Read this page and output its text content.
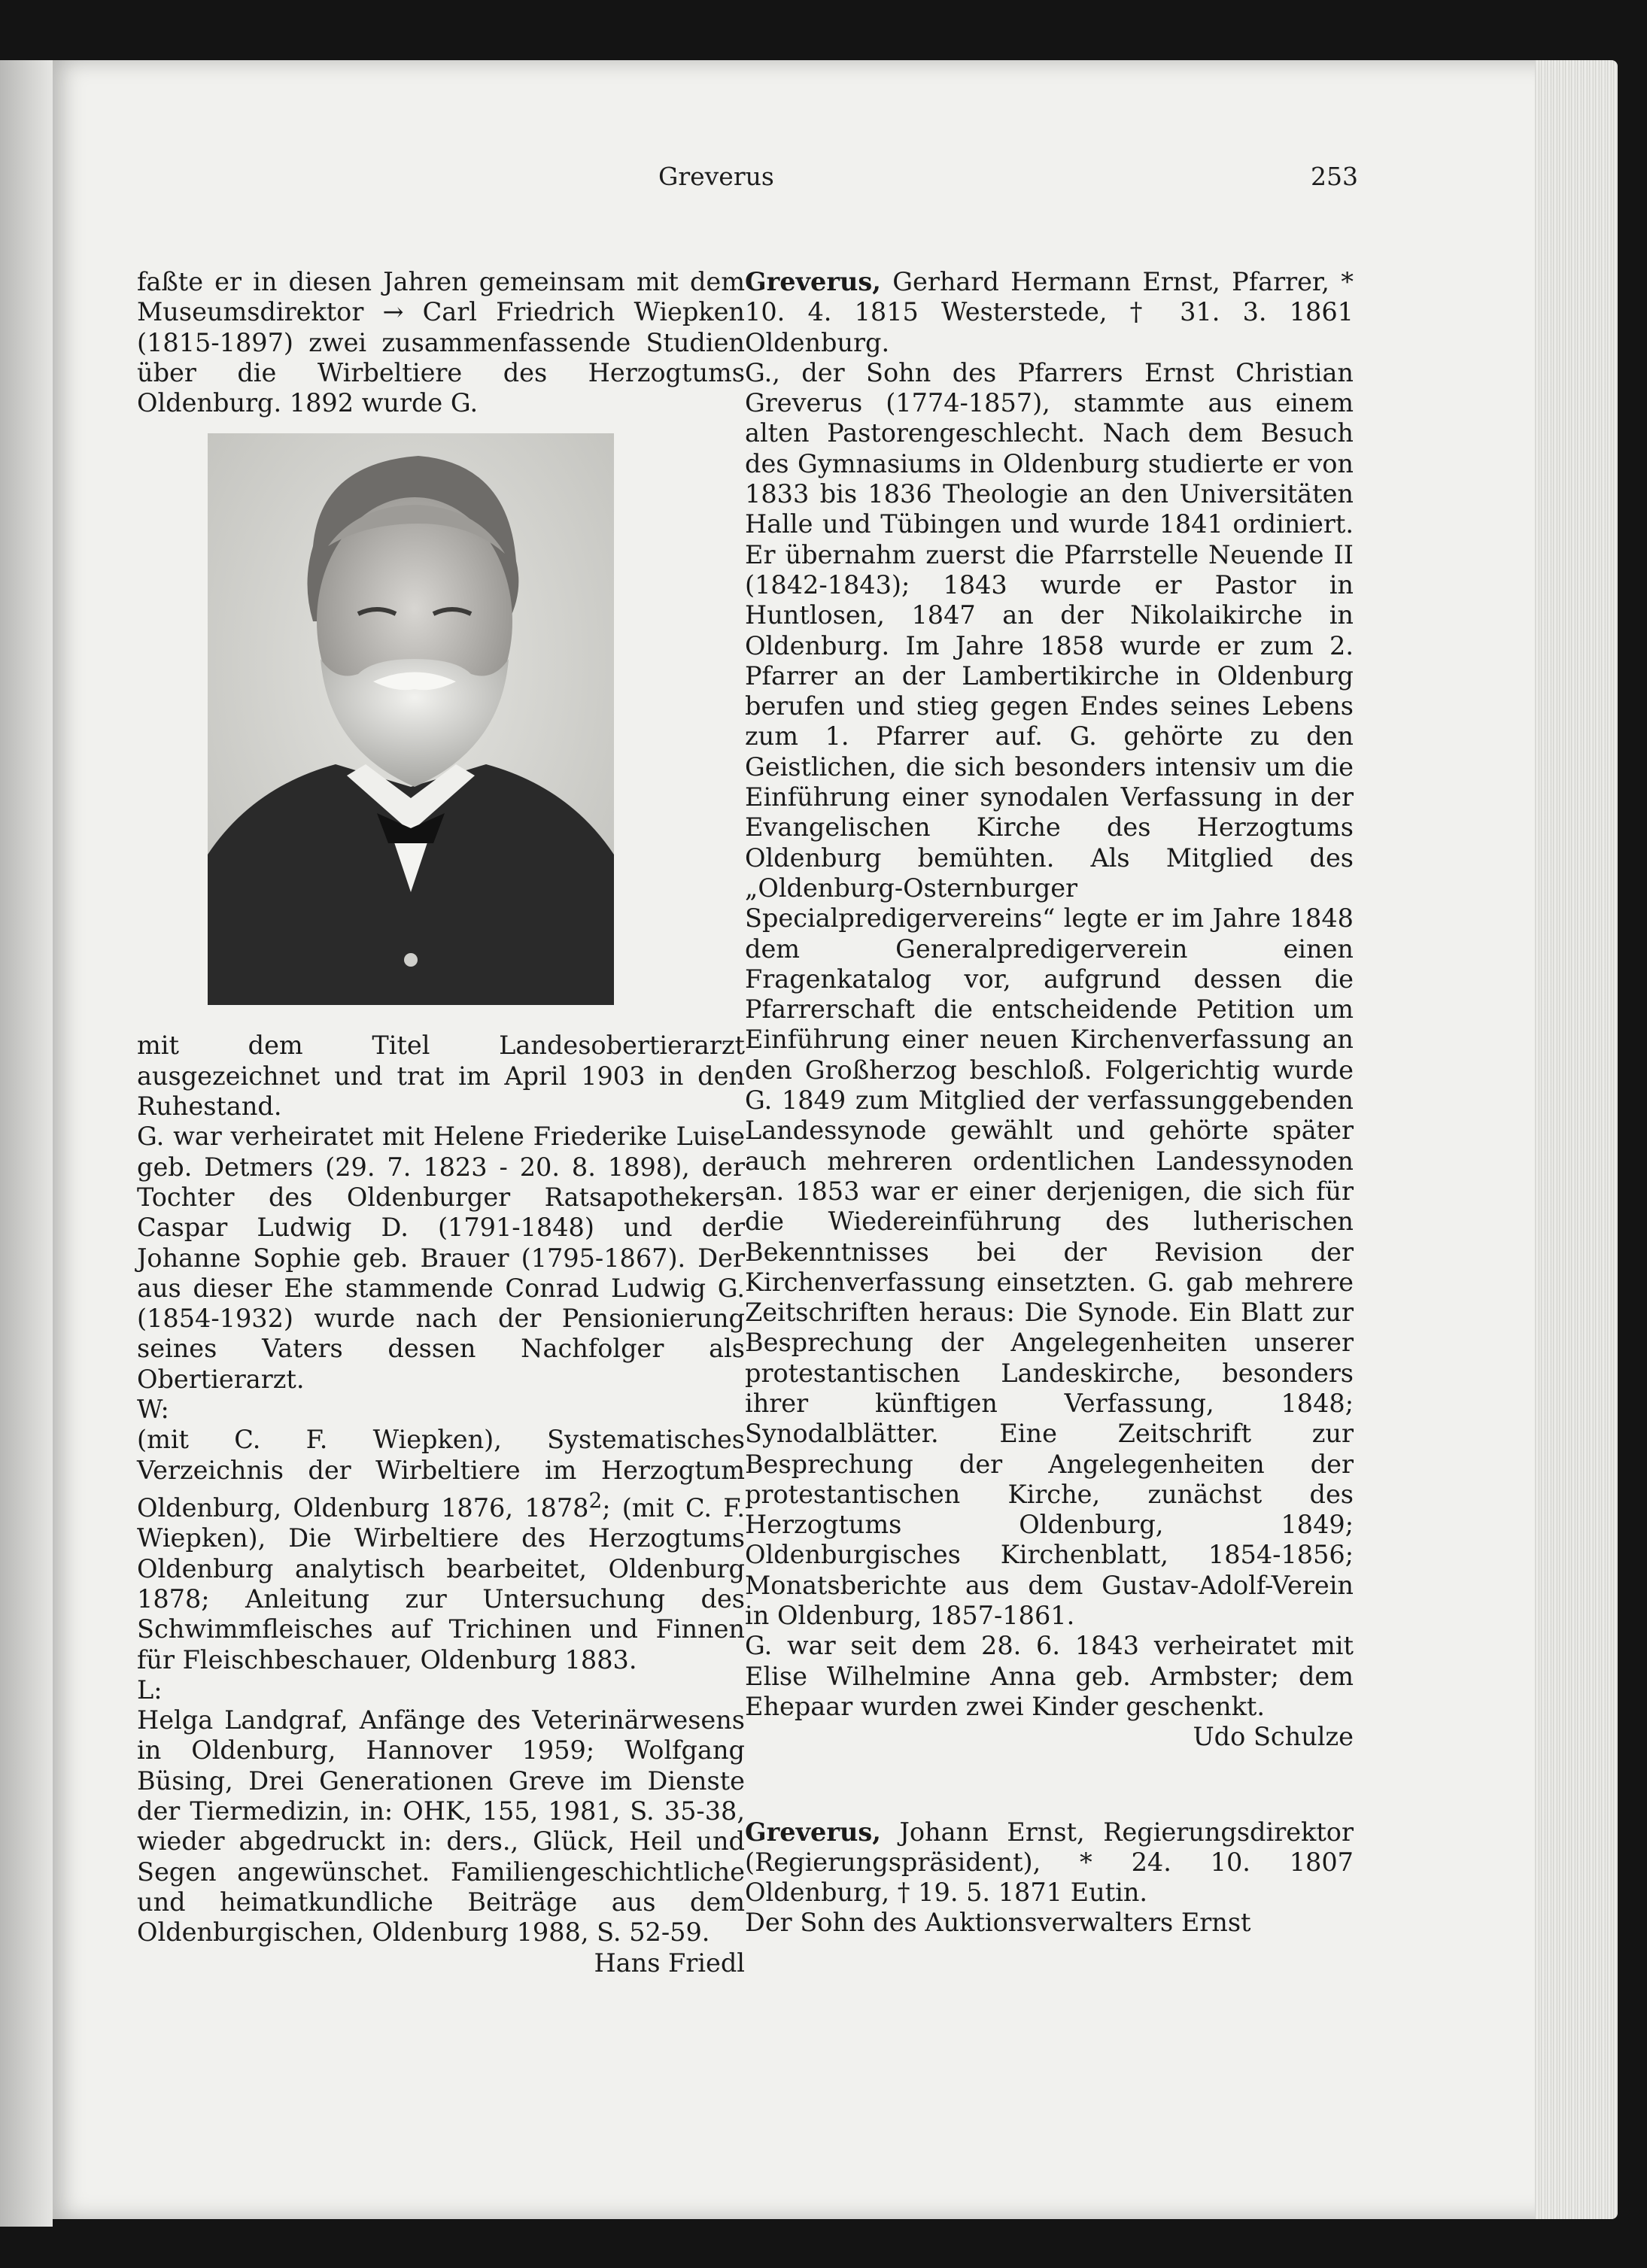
Greverus	253

faßte er in diesen Jahren gemeinsam mit dem Museumsdirektor → Carl Friedrich Wiepken (1815-1897) zwei zusammenfassende Studien über die Wirbeltiere des Herzogtums Oldenburg. 1892 wurde G.

mit dem Titel Landesobertierarzt ausgezeichnet und trat im April 1903 in den Ruhestand.

G. war verheiratet mit Helene Friederike Luise geb. Detmers (29. 7. 1823 - 20. 8. 1898), der Tochter des Oldenburger Ratsapothekers Caspar Ludwig D. (1791-1848) und der Johanne Sophie geb. Brauer (1795-1867). Der aus dieser Ehe stammende Conrad Ludwig G. (1854-1932) wurde nach der Pensionierung seines Vaters dessen Nachfolger als Obertierarzt.

W:

(mit C. F. Wiepken), Systematisches Verzeichnis der Wirbeltiere im Herzogtum Oldenburg, Oldenburg 1876, 1878$^2$; (mit C. F. Wiepken), Die Wirbeltiere des Herzogtums Oldenburg analytisch bearbeitet, Oldenburg 1878; Anleitung zur Untersuchung des Schwimmfleisches auf Trichinen und Finnen für Fleischbeschauer, Oldenburg 1883.

L:

Helga Landgraf, Anfänge des Veterinärwesens in Oldenburg, Hannover 1959; Wolfgang Büsing, Drei Generationen Greve im Dienste der Tiermedizin, in: OHK, 155, 1981, S. 35-38, wieder abgedruckt in: ders., Glück, Heil und Segen angewünschet. Familiengeschichtliche und heimatkundliche Beiträge aus dem Oldenburgischen, Oldenburg 1988, S. 52-59.

Hans Friedl

Greverus, Gerhard Hermann Ernst, Pfarrer, * 10. 4. 1815 Westerstede, † 31. 3. 1861 Oldenburg.

G., der Sohn des Pfarrers Ernst Christian Greverus (1774-1857), stammte aus einem alten Pastorengeschlecht. Nach dem Besuch des Gymnasiums in Oldenburg studierte er von 1833 bis 1836 Theologie an den Universitäten Halle und Tübingen und wurde 1841 ordiniert. Er übernahm zuerst die Pfarrstelle Neuende II (1842-1843); 1843 wurde er Pastor in Huntlosen, 1847 an der Nikolaikirche in Oldenburg. Im Jahre 1858 wurde er zum 2. Pfarrer an der Lambertikirche in Oldenburg berufen und stieg gegen Endes seines Lebens zum 1. Pfarrer auf. G. gehörte zu den Geistlichen, die sich besonders intensiv um die Einführung einer synodalen Verfassung in der Evangelischen Kirche des Herzogtums Oldenburg bemühten. Als Mitglied des „Oldenburg-Osternburger Specialpredigervereins“ legte er im Jahre 1848 dem Generalpredigerverein einen Fragenkatalog vor, aufgrund dessen die Pfarrerschaft die entscheidende Petition um Einführung einer neuen Kirchenverfassung an den Großherzog beschloß. Folgerichtig wurde G. 1849 zum Mitglied der verfassunggebenden Landessynode gewählt und gehörte später auch mehreren ordentlichen Landessynoden an. 1853 war er einer derjenigen, die sich für die Wiedereinführung des lutherischen Bekenntnisses bei der Revision der Kirchenverfassung einsetzten. G. gab mehrere Zeitschriften heraus: Die Synode. Ein Blatt zur Besprechung der Angelegenheiten unserer protestantischen Landeskirche, besonders ihrer künftigen Verfassung, 1848; Synodalblätter. Eine Zeitschrift zur Besprechung der Angelegenheiten der protestantischen Kirche, zunächst des Herzogtums Oldenburg, 1849; Oldenburgisches Kirchenblatt, 1854-1856; Monatsberichte aus dem Gustav-Adolf-Verein in Oldenburg, 1857-1861.

G. war seit dem 28. 6. 1843 verheiratet mit Elise Wilhelmine Anna geb. Armbster; dem Ehepaar wurden zwei Kinder geschenkt.

Udo Schulze

Greverus, Johann Ernst, Regierungsdirektor (Regierungspräsident), * 24. 10. 1807 Oldenburg, † 19. 5. 1871 Eutin.

Der Sohn des Auktionsverwalters Ernst
